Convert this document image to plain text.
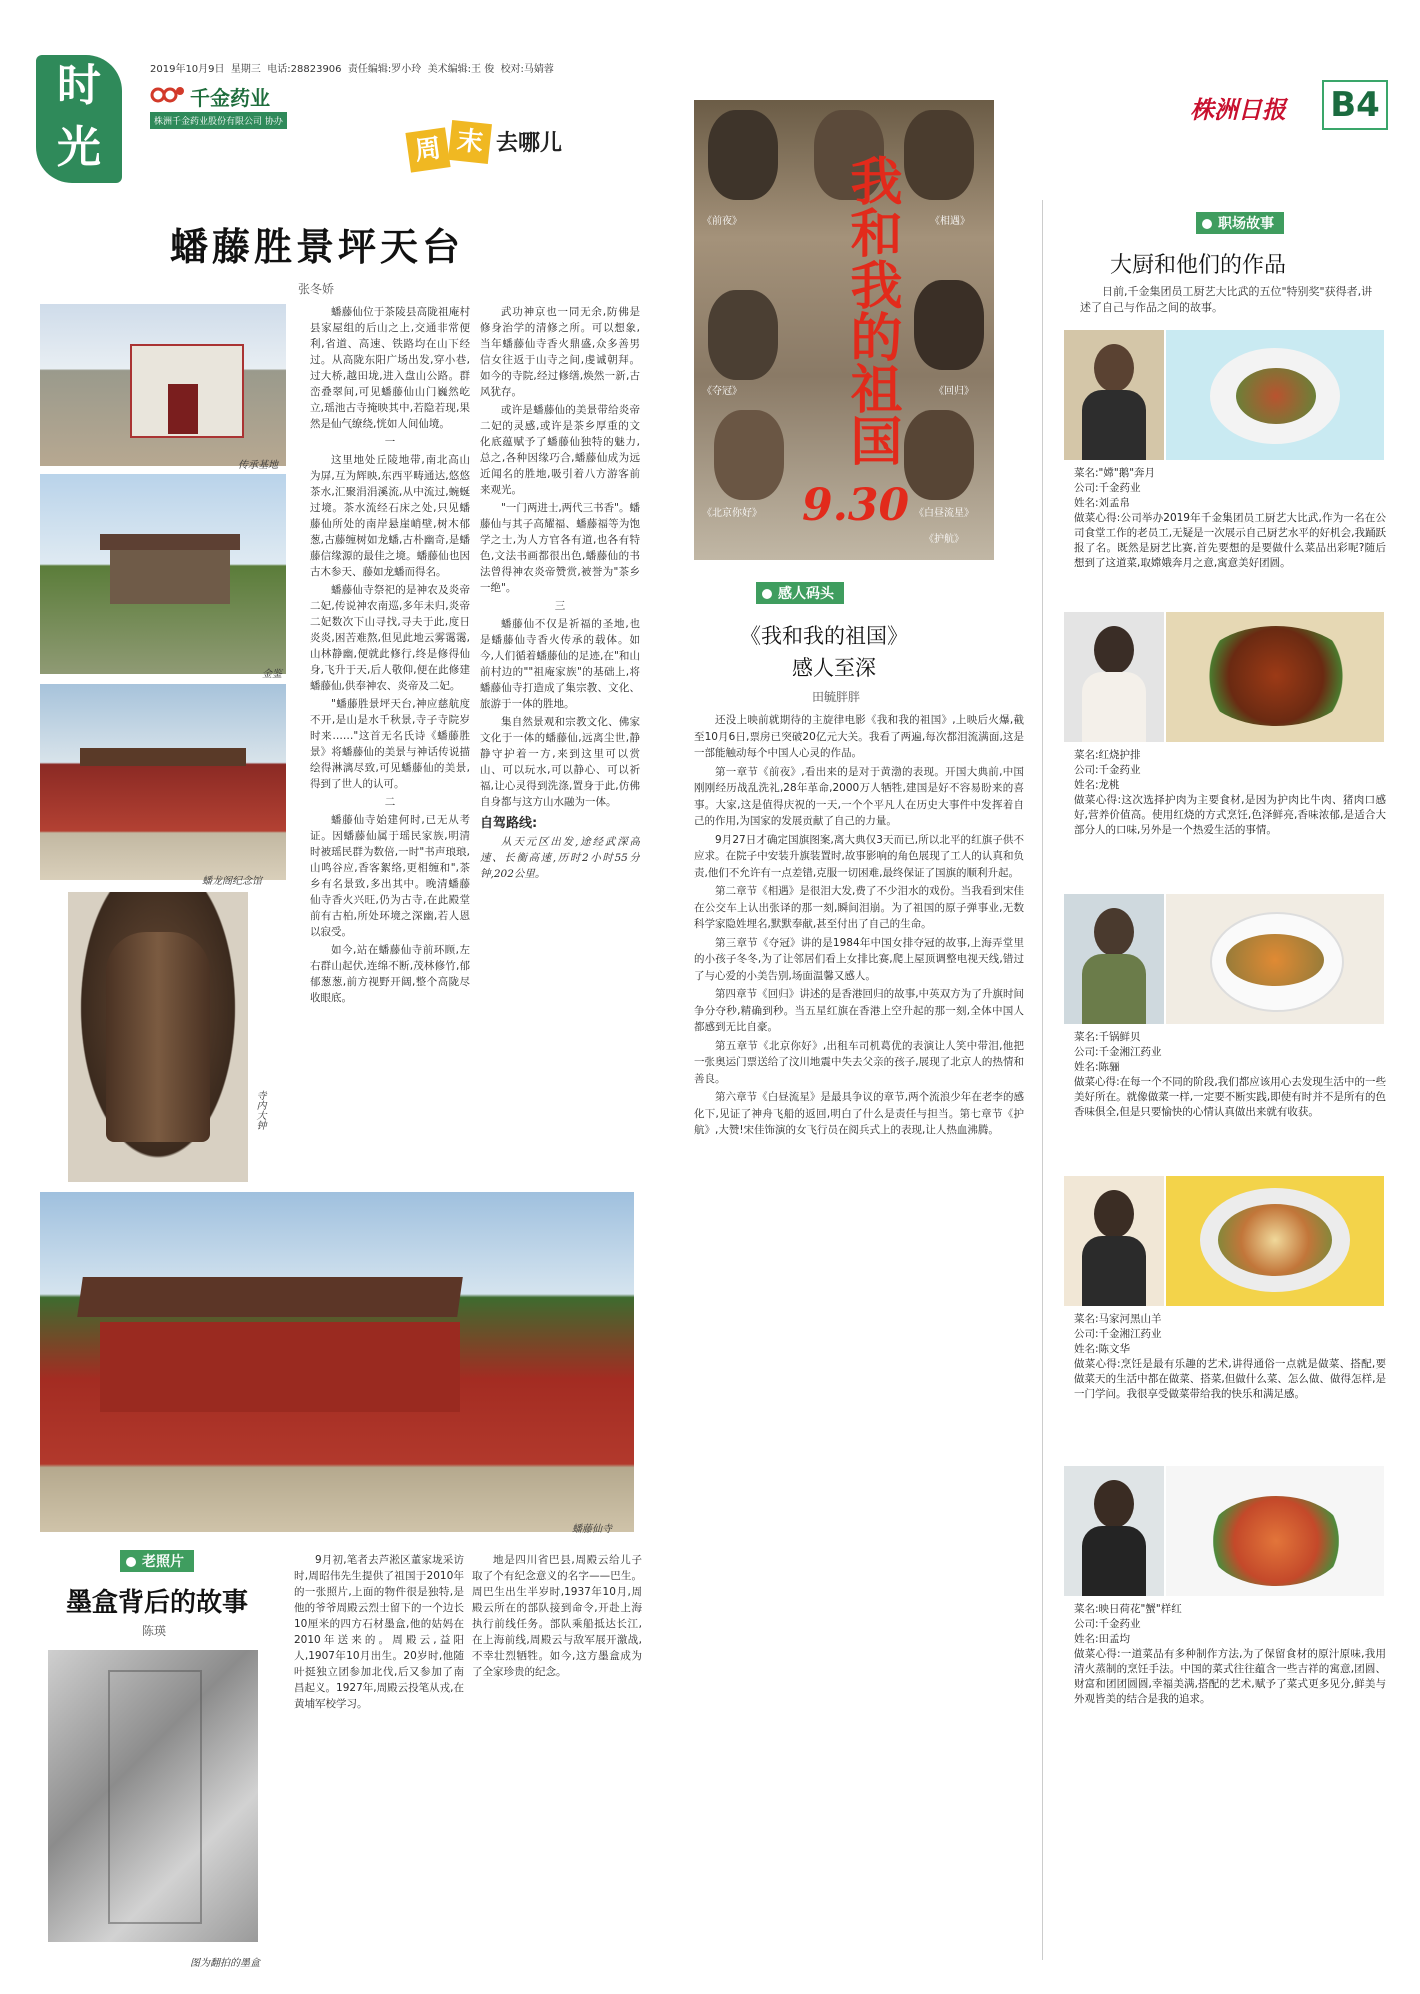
2019年10月9日 星期三 电话:28823906 责任编辑:罗小玲 美术编辑:王 俊 校对:马婧蓉
时
光
千金药业
株洲千金药业股份有限公司 协办
周 末 去哪儿
株洲日报 B4
蟠藤胜景坪天台
张冬娇
传承基地
金鉴
蟠龙阁纪念馆
寺内大钟
蟠藤仙寺

蟠藤仙位于茶陵县高陇祖庵村县家屋组的后山之上,交通非常便利,省道、高速、铁路均在山下经过。从高陇东阳广场出发,穿小巷,过大桥,越田垅,进入盘山公路。群峦叠翠间,可见蟠藤仙山门巍然屹立,瑶池古寺掩映其中,若隐若现,果然是仙气缭绕,恍如人间仙境。

一

这里地处丘陵地带,南北高山为屏,互为辉映,东西平畴通达,悠悠茶水,汇聚涓涓溪流,从中流过,蜿蜒过境。茶水流经石床之处,只见蟠藤仙所处的南岸悬崖峭壁,树木郁葱,古藤缠树如龙蟠,古朴幽奇,是蟠藤信缘源的最佳之境。蟠藤仙也因古木参天、藤如龙蟠而得名。

蟠藤仙寺祭祀的是神农及炎帝二妃,传说神农南巡,多年未归,炎帝二妃数次下山寻找,寻夫于此,度日炎炎,困苦难熬,但见此地云雾霭霭,山林静幽,便就此修行,终是修得仙身,飞升于天,后人敬仰,便在此修建蟠藤仙,供奉神农、炎帝及二妃。

"蟠藤胜景坪天台,神应慈航度不开,是山是水千秋景,寺子寺院岁时来……"这首无名氏诗《蟠藤胜景》将蟠藤仙的美景与神话传说描绘得淋漓尽致,可见蟠藤仙的美景,得到了世人的认可。

二

蟠藤仙寺始建何时,已无从考证。因蟠藤仙属于瑶民家族,明清时被瑶民群为数倍,一时"书声琅琅,山鸣谷应,香客絮络,更相缠和",茶乡有名景致,多出其中。晚清蟠藤仙寺香火兴旺,仍为古寺,在此殿堂前有古柏,所处环境之深幽,若人恩以寂受。

如今,站在蟠藤仙寺前环顾,左右群山起伏,连绵不断,茂林修竹,郁郁葱葱,前方视野开阔,整个高陇尽收眼底。

武功神京也一同无余,防佛是修身治学的清修之所。可以想象,当年蟠藤仙寺香火鼎盛,众多善男信女往返于山寺之间,虔诚朝拜。如今的寺院,经过修缮,焕然一新,古风犹存。

或许是蟠藤仙的美景带给炎帝二妃的灵感,或许是茶乡厚重的文化底蕴赋予了蟠藤仙独特的魅力,总之,各种因缘巧合,蟠藤仙成为远近闻名的胜地,吸引着八方游客前来观光。

"一门两进士,两代三书香"。蟠藤仙与其子高耀福、蟠藤福等为饱学之士,为人方官各有道,也各有特色,文法书画都很出色,蟠藤仙的书法曾得神农炎帝赞赏,被誉为"茶乡一绝"。

三

蟠藤仙不仅是祈福的圣地,也是蟠藤仙寺香火传承的载体。如今,人们循着蟠藤仙的足迹,在"和山前村边的""祖庵家族"的基础上,将蟠藤仙寺打造成了集宗教、文化、旅游于一体的胜地。

集自然景观和宗教文化、佛家文化于一体的蟠藤仙,远离尘世,静静守护着一方,来到这里可以赏山、可以玩水,可以静心、可以祈福,让心灵得到洗涤,置身于此,仿佛自身都与这方山水融为一体。

自驾路线:

从天元区出发,途经武深高速、长衡高速,历时2小时55分钟,202公里。

老照片
墨盒背后的故事
陈瑛
图为翻拍的墨盒

9月初,笔者去芦淞区董家垅采访时,周昭伟先生提供了祖国于2010年的一张照片,上面的物件很是独特,是他的爷爷周殿云烈士留下的一个边长10厘米的四方石材墨盒,他的姑妈在2010年送来的。周殿云,益阳人,1907年10月出生。20岁时,他随叶挺独立团参加北伐,后又参加了南昌起义。1927年,周殿云投笔从戎,在黄埔军校学习。

地是四川省巴县,周殿云给儿子取了个有纪念意义的名字——巴生。周巴生出生半岁时,1937年10月,周殿云所在的部队接到命令,开赴上海执行前线任务。部队乘船抵达长江,在上海前线,周殿云与敌军展开激战,不幸壮烈牺牲。如今,这方墨盒成为了全家珍贵的纪念。

我和我的祖国
9.30
《前夜》	《相遇》
《夺冠》	《回归》
《北京你好》	《白昼流星》
《护航》
感人码头
《我和我的祖国》
感人至深
田毓胖胖

还没上映前就期待的主旋律电影《我和我的祖国》,上映后火爆,截至10月6日,票房已突破20亿元大关。我看了两遍,每次都泪流满面,这是一部能触动每个中国人心灵的作品。

第一章节《前夜》,看出来的是对于黄渤的表现。开国大典前,中国刚刚经历战乱洗礼,28年革命,2000万人牺牲,建国是好不容易盼来的喜事。大家,这是值得庆祝的一天,一个个平凡人在历史大事件中发挥着自己的作用,为国家的发展贡献了自己的力量。

9月27日才确定国旗图案,离大典仅3天而已,所以北平的红旗子供不应求。在院子中安装升旗装置时,故事影响的角色展现了工人的认真和负责,他们不允许有一点差错,克服一切困难,最终保证了国旗的顺利升起。

第二章节《相遇》是很泪大发,费了不少泪水的戏份。当我看到宋佳在公交车上认出张译的那一刻,瞬间泪崩。为了祖国的原子弹事业,无数科学家隐姓埋名,默默奉献,甚至付出了自己的生命。

第三章节《夺冠》讲的是1984年中国女排夺冠的故事,上海弄堂里的小孩子冬冬,为了让邻居们看上女排比赛,爬上屋顶调整电视天线,错过了与心爱的小美告别,场面温馨又感人。

第四章节《回归》讲述的是香港回归的故事,中英双方为了升旗时间争分夺秒,精确到秒。当五星红旗在香港上空升起的那一刻,全体中国人都感到无比自豪。

第五章节《北京你好》,出租车司机葛优的表演让人笑中带泪,他把一张奥运门票送给了汶川地震中失去父亲的孩子,展现了北京人的热情和善良。

第六章节《白昼流星》是最具争议的章节,两个流浪少年在老李的感化下,见证了神舟飞船的返回,明白了什么是责任与担当。第七章节《护航》,大赞!宋佳饰演的女飞行员在阅兵式上的表现,让人热血沸腾。

职场故事
大厨和他们的作品
日前,千金集团员工厨艺大比武的五位"特别奖"获得者,讲述了自己与作品之间的故事。
菜名:"嫦"鹅"奔月
公司:千金药业
姓名:刘孟帛
做菜心得:公司举办2019年千金集团员工厨艺大比武,作为一名在公司食堂工作的老员工,无疑是一次展示自己厨艺水平的好机会,我踊跃报了名。既然是厨艺比赛,首先要想的是要做什么菜品出彩呢?随后想到了这道菜,取嫦娥奔月之意,寓意美好团圆。
菜名:红烧护排
公司:千金药业
姓名:龙桃
做菜心得:这次选择护肉为主要食材,是因为护肉比牛肉、猪肉口感好,营养价值高。使用红烧的方式烹饪,色泽鲜亮,香味浓郁,是适合大部分人的口味,另外是一个热爱生活的事情。
菜名:千锅鲜贝
公司:千金湘江药业
姓名:陈骊
做菜心得:在每一个不同的阶段,我们都应该用心去发现生活中的一些美好所在。就像做菜一样,一定要不断实践,即使有时并不是所有的色香味俱全,但是只要愉快的心情认真做出来就有收获。
菜名:马家河黑山羊
公司:千金湘江药业
姓名:陈文华
做菜心得:烹饪是最有乐趣的艺术,讲得通俗一点就是做菜、搭配,要做菜天的生活中都在做菜、搭菜,但做什么菜、怎么做、做得怎样,是一门学问。我很享受做菜带给我的快乐和满足感。
菜名:映日荷花"蟹"样红
公司:千金药业
姓名:田孟均
做菜心得:一道菜品有多种制作方法,为了保留食材的原汁原味,我用清火蒸制的烹饪手法。中国的菜式往往蕴含一些吉祥的寓意,团圆、财富和团团圆圆,幸福美满,搭配的艺术,赋予了菜式更多见分,鲜美与外观皆美的结合是我的追求。
